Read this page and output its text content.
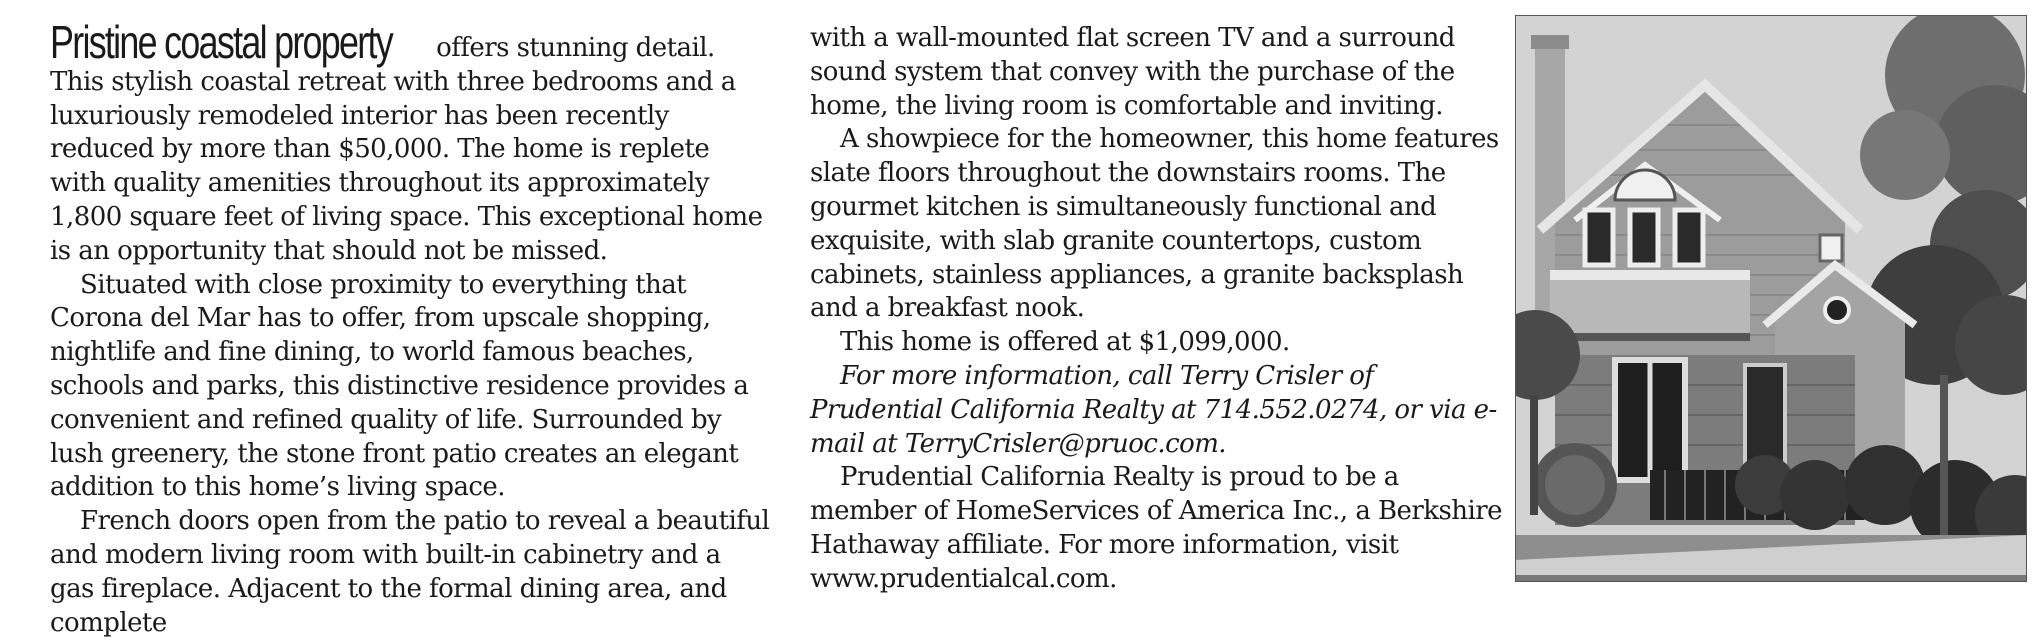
Pristine coastal property offers stunning detail. This stylish coastal retreat with three bedrooms and a luxuriously remodeled interior has been recently reduced by more than $50,000. The home is replete with quality amenities throughout its approximately 1,800 square feet of living space. This exceptional home is an opportunity that should not be missed.

Situated with close proximity to everything that Corona del Mar has to offer, from upscale shopping, nightlife and fine dining, to world famous beaches, schools and parks, this distinctive residence provides a convenient and refined quality of life. Surrounded by lush greenery, the stone front patio creates an elegant addition to this home’s living space.

French doors open from the patio to reveal a beautiful and modern living room with built-in cabinetry and a gas fireplace. Adjacent to the formal dining area, and complete

with a wall-mounted flat screen TV and a surround sound system that convey with the purchase of the home, the living room is comfortable and inviting.

A showpiece for the homeowner, this home features slate floors throughout the downstairs rooms. The gourmet kitchen is simultaneously functional and exquisite, with slab granite countertops, custom cabinets, stainless appliances, a granite backsplash and a breakfast nook.

This home is offered at $1,099,000.

For more information, call Terry Crisler of Prudential California Realty at 714.552.0274, or via e-mail at TerryCrisler@pruoc.com.

Prudential California Realty is proud to be a member of HomeServices of America Inc., a Berkshire Hathaway affiliate. For more information, visit www.prudentialcal.com.
